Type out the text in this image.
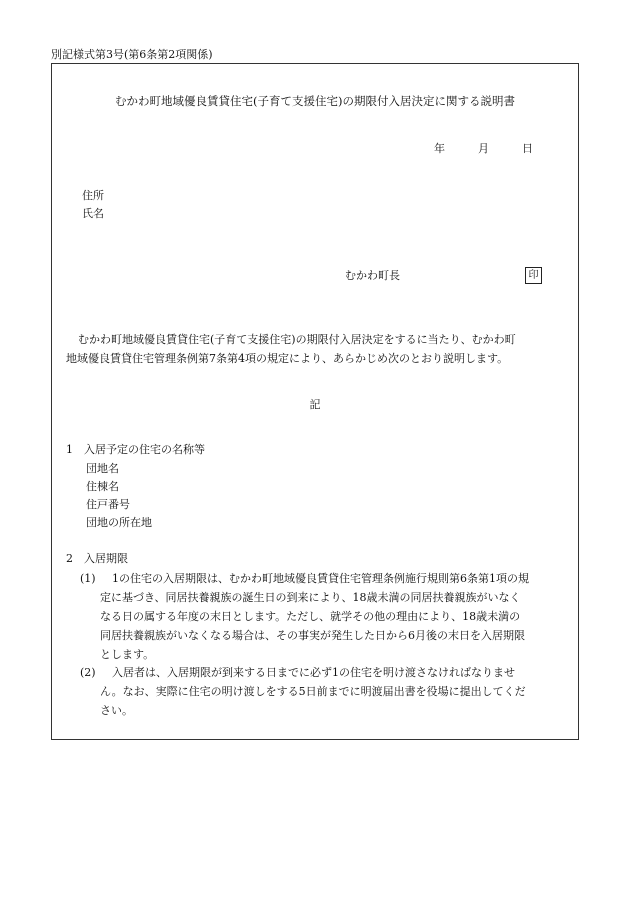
別記様式第3号(第6条第2項関係)
むかわ町地域優良賃貸住宅(子育て支援住宅)の期限付入居決定に関する説明書
年	月	日
住所
氏名
むかわ町長	印

むかわ町地域優良賃貸住宅(子育て支援住宅)の期限付入居決定をするに当たり、むかわ町

地域優良賃貸住宅管理条例第7条第4項の規定により、あらかじめ次のとおり説明します。

記
1　入居予定の住宅の名称等
団地名
住棟名
住戸番号
団地の所在地
2　入居期限
(1) 1の住宅の入居期限は、むかわ町地域優良賃貸住宅管理条例施行規則第6条第1項の規
定に基づき、同居扶養親族の誕生日の到来により、18歳未満の同居扶養親族がいなく
なる日の属する年度の末日とします。ただし、就学その他の理由により、18歳未満の
同居扶養親族がいなくなる場合は、その事実が発生した日から6月後の末日を入居期限
とします。
(2) 入居者は、入居期限が到来する日までに必ず1の住宅を明け渡さなければなりませ
ん。なお、実際に住宅の明け渡しをする5日前までに明渡届出書を役場に提出してくだ
さい。
